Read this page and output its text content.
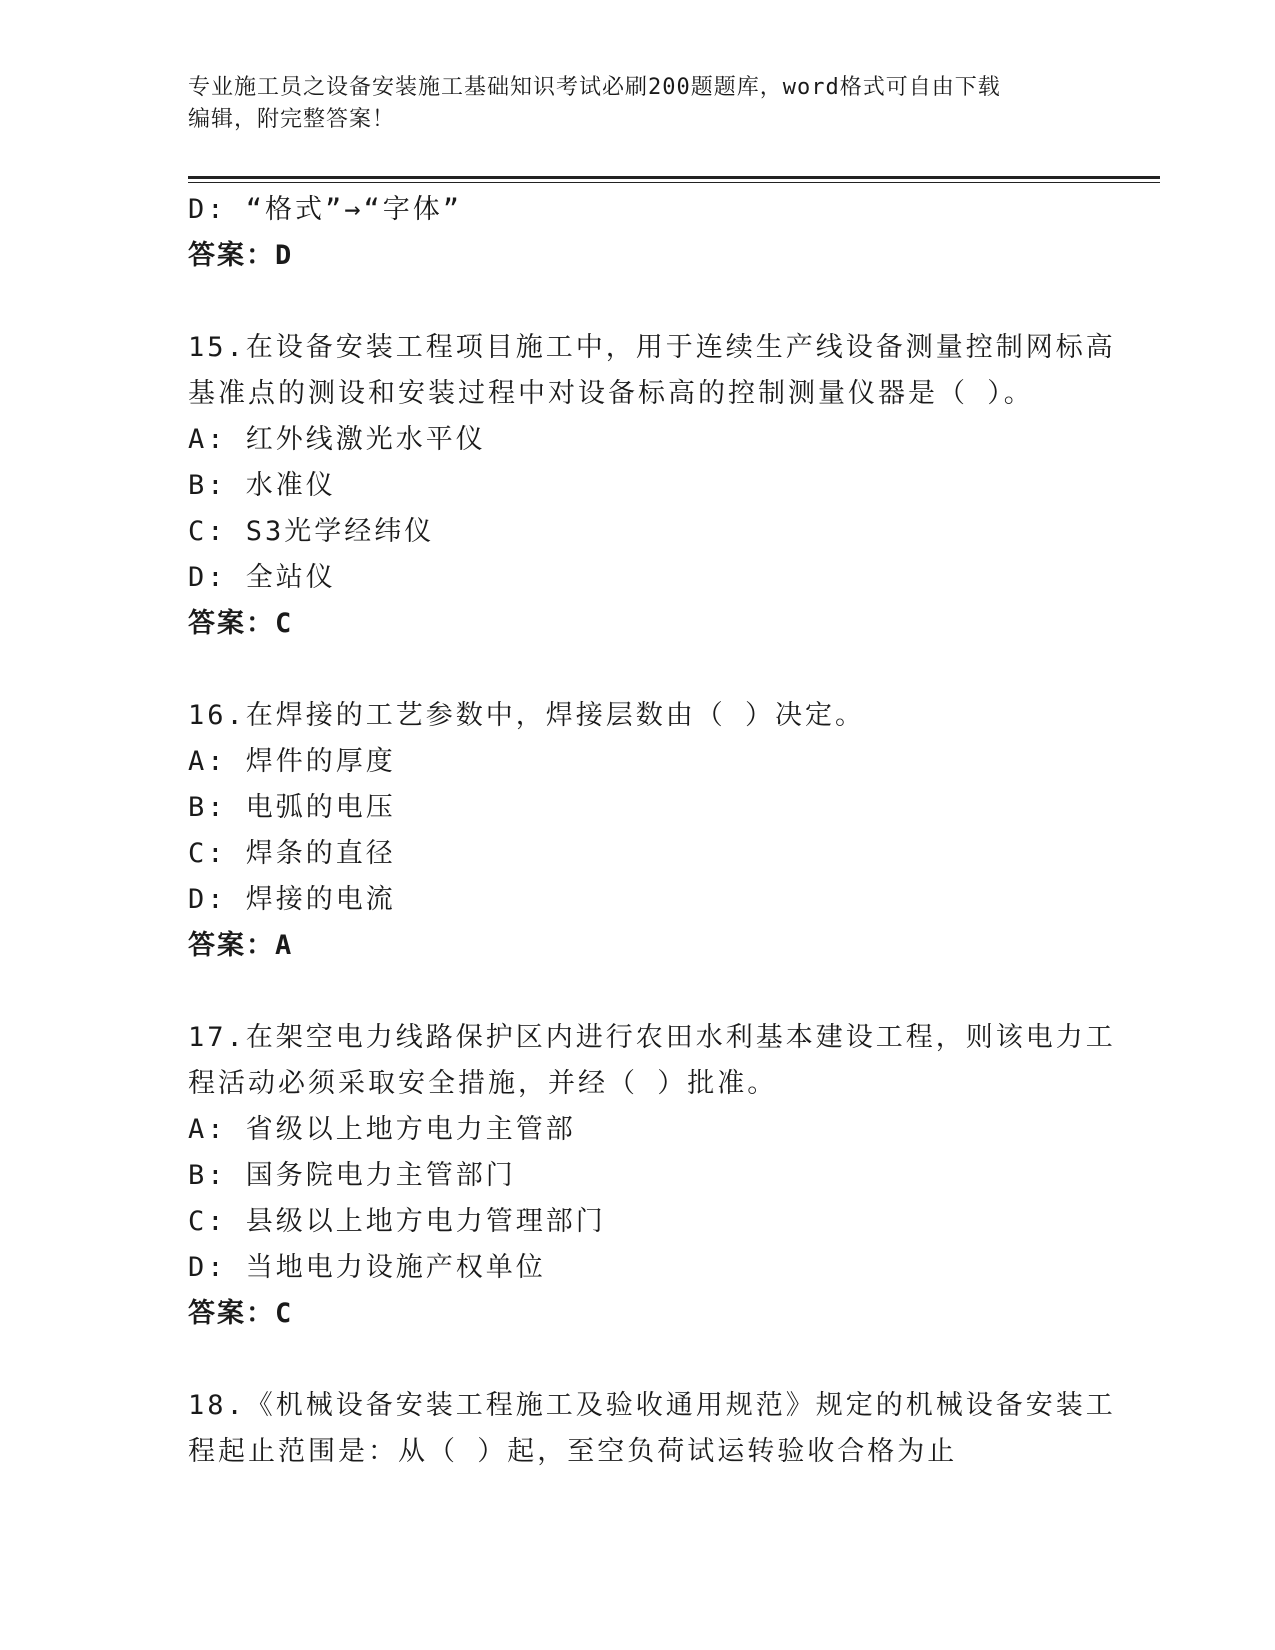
专业施工员之设备安装施工基础知识考试必刷200题题库，word格式可自由下载
编辑，附完整答案！
D: “格式”→“字体”
答案：D
15.在设备安装工程项目施工中，用于连续生产线设备测量控制网标高
基准点的测设和安装过程中对设备标高的控制测量仪器是（ ）。
A: 红外线激光水平仪
B: 水准仪
C: S3光学经纬仪
D: 全站仪
答案：C
16.在焊接的工艺参数中，焊接层数由（ ）决定。
A: 焊件的厚度
B: 电弧的电压
C: 焊条的直径
D: 焊接的电流
答案：A
17.在架空电力线路保护区内进行农田水利基本建设工程，则该电力工
程活动必须采取安全措施，并经（ ）批准。
A: 省级以上地方电力主管部
B: 国务院电力主管部门
C: 县级以上地方电力管理部门
D: 当地电力设施产权单位
答案：C
18.《机械设备安装工程施工及验收通用规范》规定的机械设备安装工
程起止范围是：从（ ）起，至空负荷试运转验收合格为止
